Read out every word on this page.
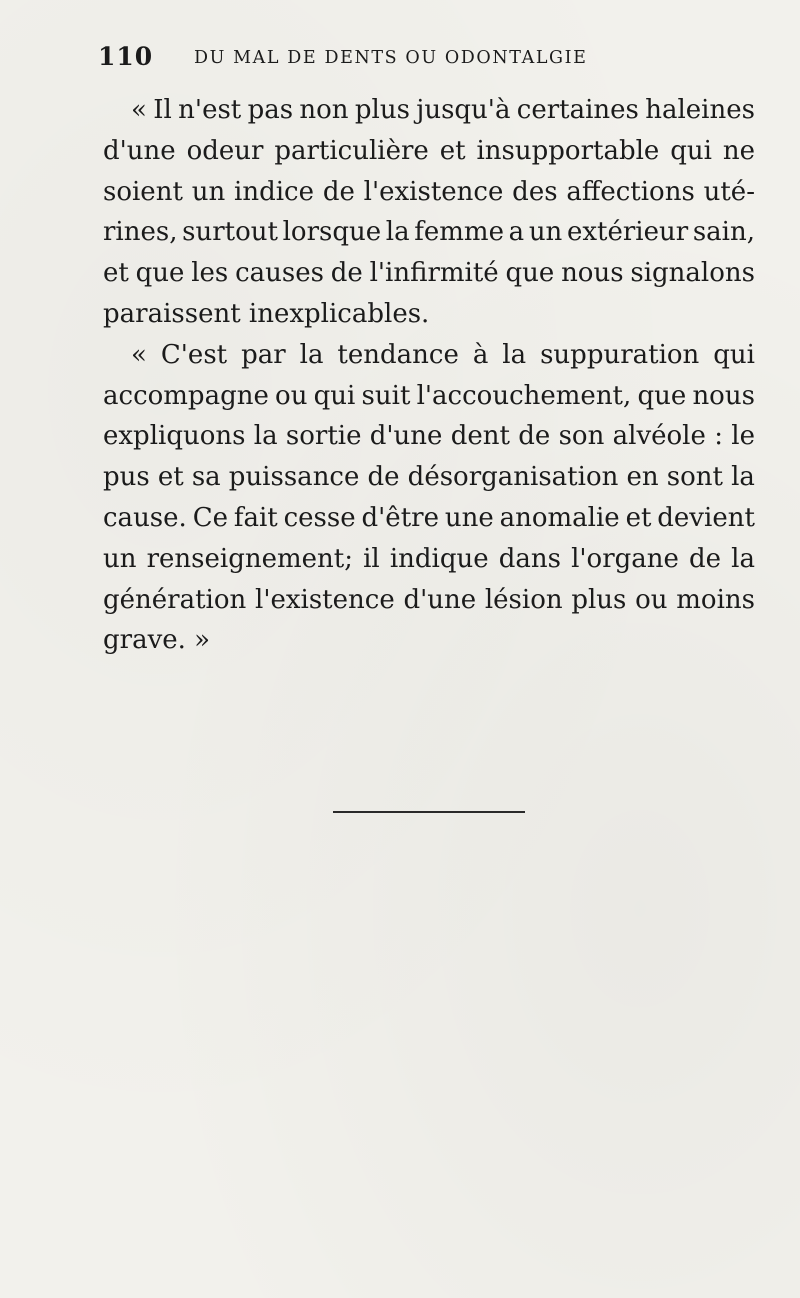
110 DU MAL DE DENTS OU ODONTALGIE
« Il n'est pas non plus jusqu'à certaines haleines
d'une odeur particulière et insupportable qui ne
soient un indice de l'existence des affections uté-
rines, surtout lorsque la femme a un extérieur sain,
et que les causes de l'infirmité que nous signalons
paraissent inexplicables.
« C'est par la tendance à la suppuration qui
accompagne ou qui suit l'accouchement, que nous
expliquons la sortie d'une dent de son alvéole : le
pus et sa puissance de désorganisation en sont la
cause. Ce fait cesse d'être une anomalie et devient
un renseignement; il indique dans l'organe de la
génération l'existence d'une lésion plus ou moins
grave. »
